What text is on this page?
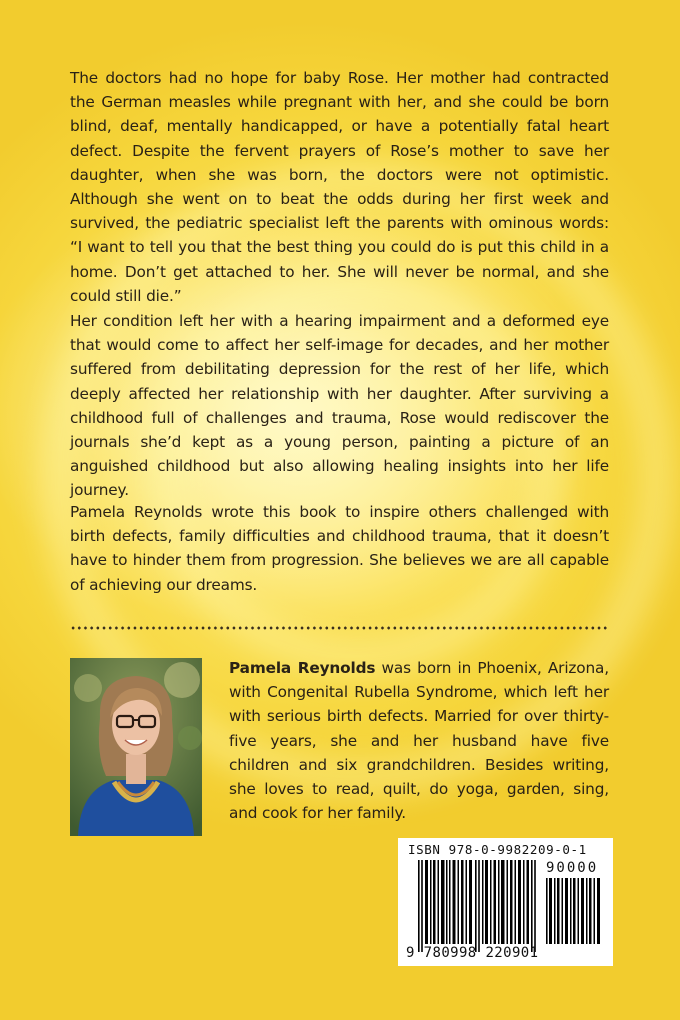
The doctors had no hope for baby Rose. Her mother had contracted the German measles while pregnant with her, and she could be born blind, deaf, mentally handicapped, or have a potentially fatal heart defect. Despite the fervent prayers of Rose’s mother to save her daughter, when she was born, the doctors were not optimistic. Although she went on to beat the odds during her first week and survived, the pediatric specialist left the parents with ominous words: “I want to tell you that the best thing you could do is put this child in a home. Don’t get attached to her. She will never be normal, and she could still die.”

Her condition left her with a hearing impairment and a deformed eye that would come to affect her self-image for decades, and her mother suffered from debilitating depression for the rest of her life, which deeply affected her relationship with her daughter. After surviving a childhood full of challenges and trauma, Rose would rediscover the journals she’d kept as a young person, painting a picture of an anguished childhood but also allowing healing insights into her life journey.

Pamela Reynolds wrote this book to inspire others challenged with birth defects, family difficulties and childhood trauma, that it doesn’t have to hinder them from progression. She believes we are all capable of achieving our dreams.

Pamela Reynolds was born in Phoenix, Arizona, with Congenital Rubella Syndrome, which left her with serious birth defects. Married for over thirty-five years, she and her husband have five children and six grandchildren. Besides writing, she loves to read, quilt, do yoga, garden, sing, and cook for her family.

ISBN 978-0-9982209-0-1
90000
9 780998 220901
